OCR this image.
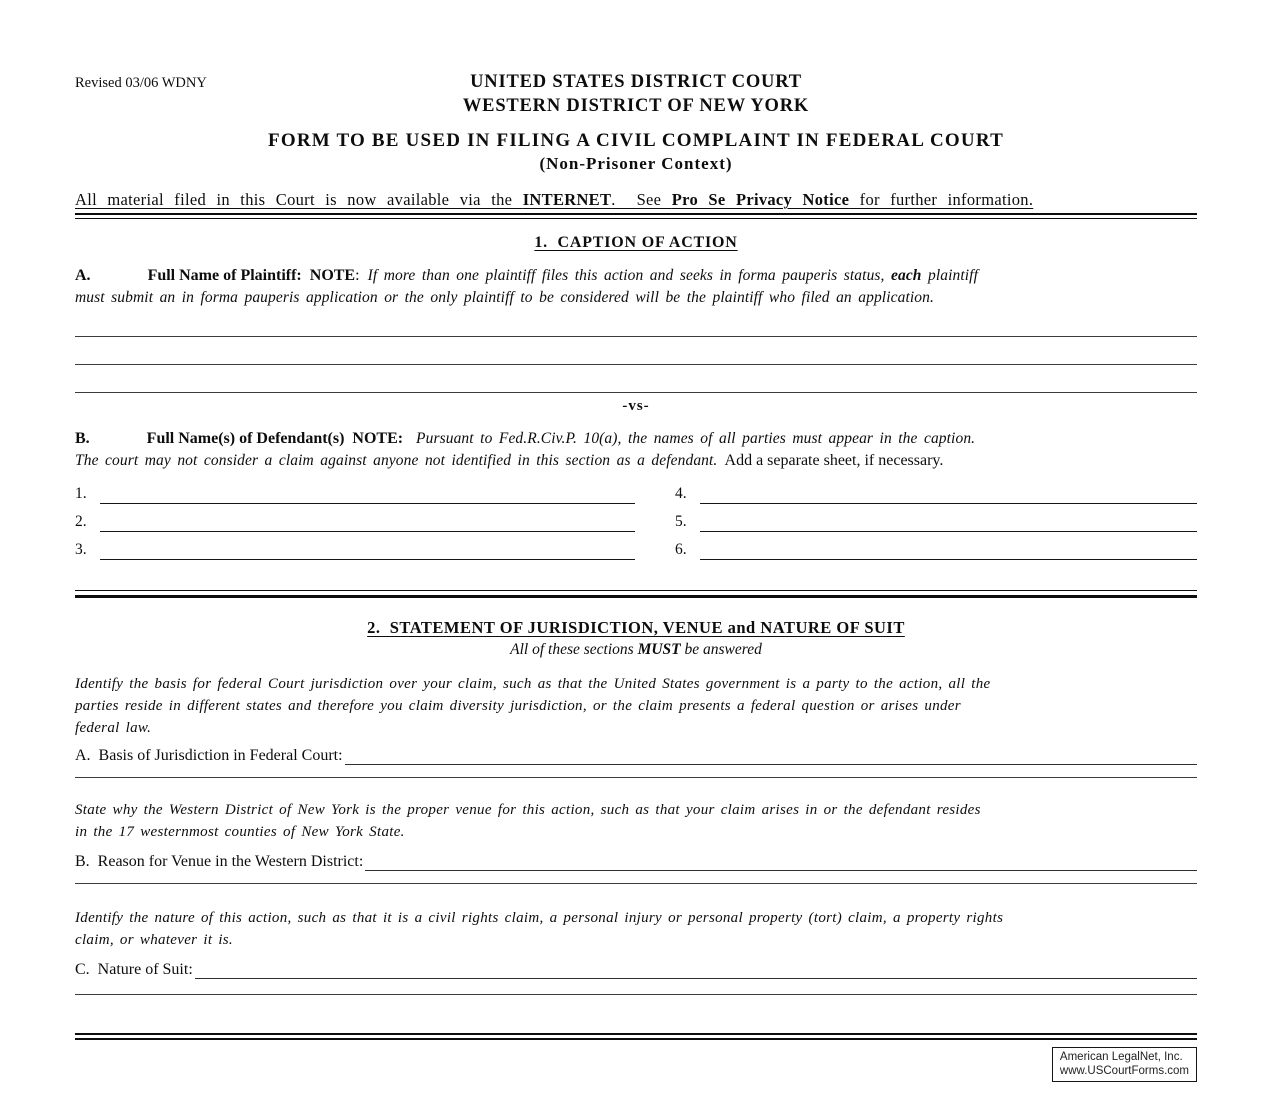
Revised 03/06 WDNY	UNITED STATES DISTRICT COURT
WESTERN DISTRICT OF NEW YORK
FORM TO BE USED IN FILING A CIVIL COMPLAINT IN FEDERAL COURT
(Non-Prisoner Context)
All material filed in this Court is now available via the INTERNET.  See Pro Se Privacy Notice for further information.
1.  CAPTION OF ACTION
A.	Full Name of Plaintiff:  NOTE:  If more than one plaintiff files this action and seeks in forma pauperis status, each plaintiff
must submit an in forma pauperis application or the only plaintiff to be considered will be the plaintiff who filed an application.
-vs-
B.	Full Name(s) of Defendant(s)  NOTE:  Pursuant to Fed.R.Civ.P. 10(a), the names of all parties must appear in the caption.
The court may not consider a claim against anyone not identified in this section as a defendant.  Add a separate sheet, if necessary.
1.	4.
2.	5.
3.	6.
2.  STATEMENT OF JURISDICTION, VENUE and NATURE OF SUIT
All of these sections MUST be answered
Identify the basis for federal Court jurisdiction over your claim, such as that the United States government is a party to the action, all the
parties reside in different states and therefore you claim diversity jurisdiction, or the claim presents a federal question or arises under
federal law.
A.  Basis of Jurisdiction in Federal Court:
State why the Western District of New York is the proper venue for this action, such as that your claim arises in or the defendant resides
in the 17 westernmost counties of New York State.
B.  Reason for Venue in the Western District:
Identify the nature of this action, such as that it is a civil rights claim, a personal injury or personal property (tort) claim, a property rights
claim, or whatever it is.
C.  Nature of Suit:
American LegalNet, Inc.
www.USCourtForms.com
